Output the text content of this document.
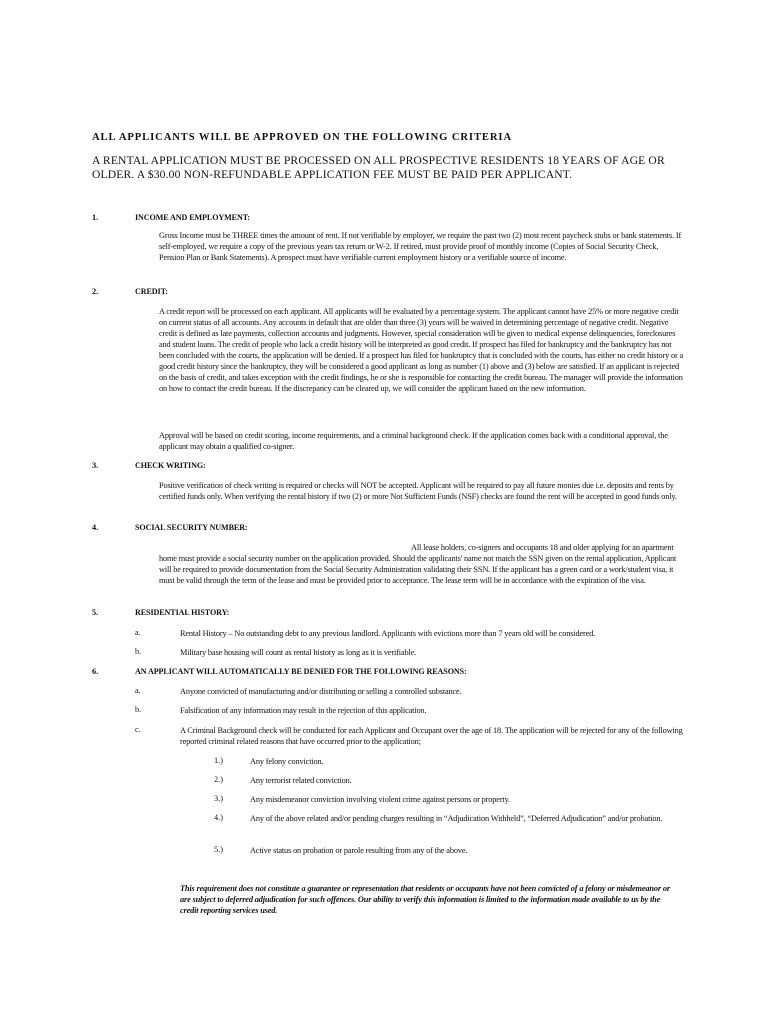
ALL APPLICANTS WILL BE APPROVED ON THE FOLLOWING CRITERIA

A RENTAL APPLICATION MUST BE PROCESSED ON ALL PROSPECTIVE RESIDENTS 18 YEARS OF AGE OR OLDER. A $30.00 NON-REFUNDABLE APPLICATION FEE MUST BE PAID PER APPLICANT.

1.	INCOME AND EMPLOYMENT:

Gross Income must be THREE times the amount of rent. If not verifiable by employer, we require the past two (2) most recent paycheck stubs or bank statements. If self-employed, we require a copy of the previous years tax return or W-2. If retired, must provide proof of monthly income (Copies of Social Security Check, Pension Plan or Bank Statements). A prospect must have verifiable current employment history or a verifiable source of income.

2.	CREDIT:

A credit report will be processed on each applicant. All applicants will be evaluated by a percentage system. The applicant cannot have 25% or more negative credit on current status of all accounts. Any accounts in default that are older than three (3) years will be waived in determining percentage of negative credit. Negative credit is defined as late payments, collection accounts and judgments. However, special consideration will be given to medical expense delinquencies, foreclosures and student loans. The credit of people who lack a credit history will be interpreted as good credit. If prospect has filed for bankruptcy and the bankruptcy has not been concluded with the courts, the application will be denied. If a prospect has filed for bankruptcy that is concluded with the courts, has either no credit history or a good credit history since the bankruptcy, they will be considered a good applicant as long as number (1) above and (3) below are satisfied. If an applicant is rejected on the basis of credit, and takes exception with the credit findings, he or she is responsible for contacting the credit bureau. The manager will provide the information on how to contact the credit bureau. If the discrepancy can be cleared up, we will consider the applicant based on the new information.

Approval will be based on credit scoring, income requirements, and a criminal background check. If the application comes back with a conditional approval, the applicant may obtain a qualified co-signer.

3.	CHECK WRITING:

Positive verification of check writing is required or checks will NOT be accepted. Applicant will be required to pay all future monies due i.e. deposits and rents by certified funds only. When verifying the rental history if two (2) or more Not Sufficient Funds (NSF) checks are found the rent will be accepted in good funds only.

4.	SOCIAL SECURITY NUMBER:

All lease holders, co-signers and occupants 18 and older applying for an apartment home must provide a social security number on the application provided. Should the applicants' name not match the SSN given on the rental application, Applicant will be required to provide documentation from the Social Security Administration validating their SSN. If the applicant has a green card or a work/student visa, it must be valid through the term of the lease and must be provided prior to acceptance. The lease term will be in accordance with the expiration of the visa.

5.	RESIDENTIAL HISTORY:
a.	Rental History – No outstanding debt to any previous landlord. Applicants with evictions more than 7 years old will be considered.
b.	Military base housing will count as rental history as long as it is verifiable.
6.	AN APPLICANT WILL AUTOMATICALLY BE DENIED FOR THE FOLLOWING REASONS:
a.	Anyone convicted of manufacturing and/or distributing or selling a controlled substance.
b.	Falsification of any information may result in the rejection of this application.
c.	A Criminal Background check will be conducted for each Applicant and Occupant over the age of 18. The application will be rejected for any of the following reported criminal related reasons that have occurred prior to the application;
1.)	Any felony conviction.
2.)	Any terrorist related conviction.
3.)	Any misdemeanor conviction involving violent crime against persons or property.
4.)	Any of the above related and/or pending charges resulting in “Adjudication Withheld”, “Deferred Adjudication” and/or probation.
5.)	Active status on probation or parole resulting from any of the above.

This requirement does not constitute a guarantee or representation that residents or occupants have not been convicted of a felony or misdemeanor or are subject to deferred adjudication for such offences. Our ability to verify this information is limited to the information made available to us by the credit reporting services used.
